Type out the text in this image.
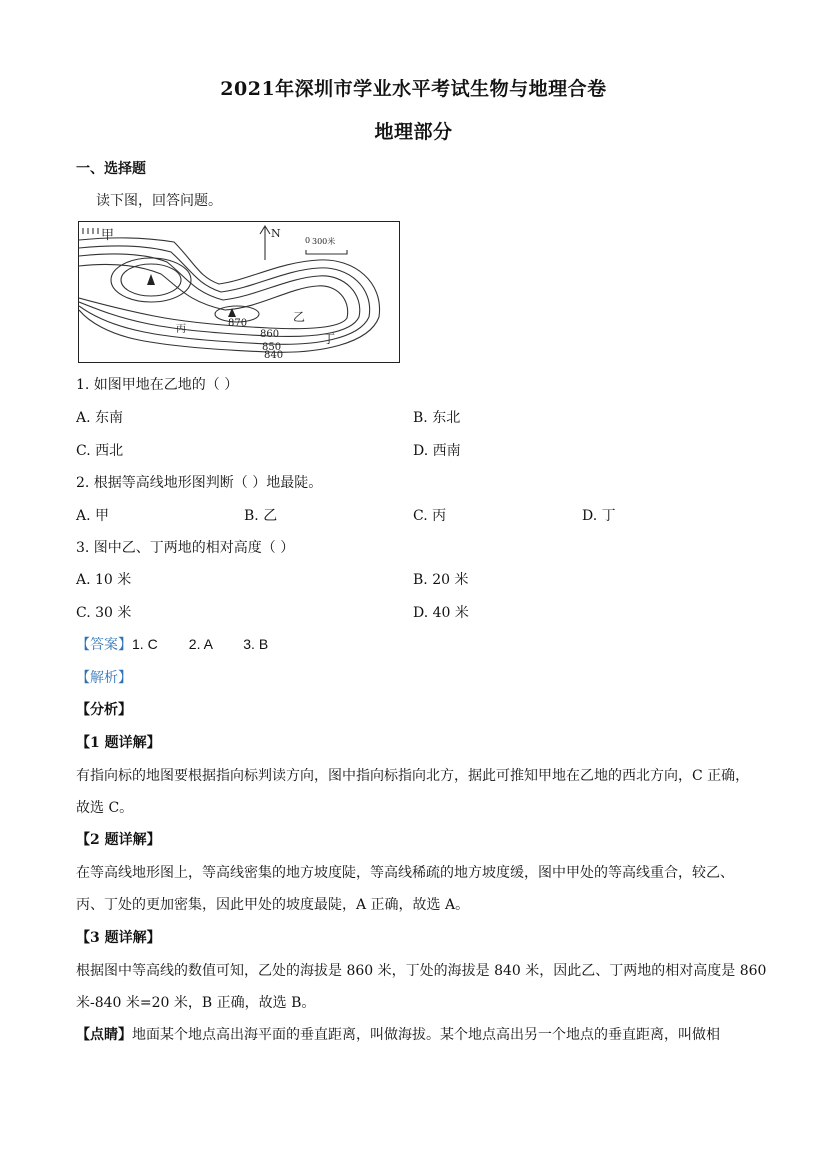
2021年深圳市学业水平考试生物与地理合卷
地理部分
一、选择题
读下图，回答问题。
甲	N
0 300米
870	乙
丙	860	丁
850
840
1. 如图甲地在乙地的（ ）
A. 东南	B. 东北
C. 西北	D. 西南
2. 根据等高线地形图判断（ ）地最陡。
A. 甲	B. 乙	C. 丙	D. 丁
3. 图中乙、丁两地的相对高度（ ）
A. 10 米	B. 20 米
C. 30 米	D. 40 米
【答案】1. C        2. A        3. B
【解析】
【分析】
【1 题详解】
有指向标的地图要根据指向标判读方向，图中指向标指向北方，据此可推知甲地在乙地的西北方向，C 正确，
故选 C。
【2 题详解】
在等高线地形图上，等高线密集的地方坡度陡，等高线稀疏的地方坡度缓，图中甲处的等高线重合，较乙、
丙、丁处的更加密集，因此甲处的坡度最陡，A 正确，故选 A。
【3 题详解】
根据图中等高线的数值可知，乙处的海拔是 860 米，丁处的海拔是 840 米，因此乙、丁两地的相对高度是 860
米-840 米=20 米，B 正确，故选 B。
【点睛】地面某个地点高出海平面的垂直距离，叫做海拔。某个地点高出另一个地点的垂直距离，叫做相
